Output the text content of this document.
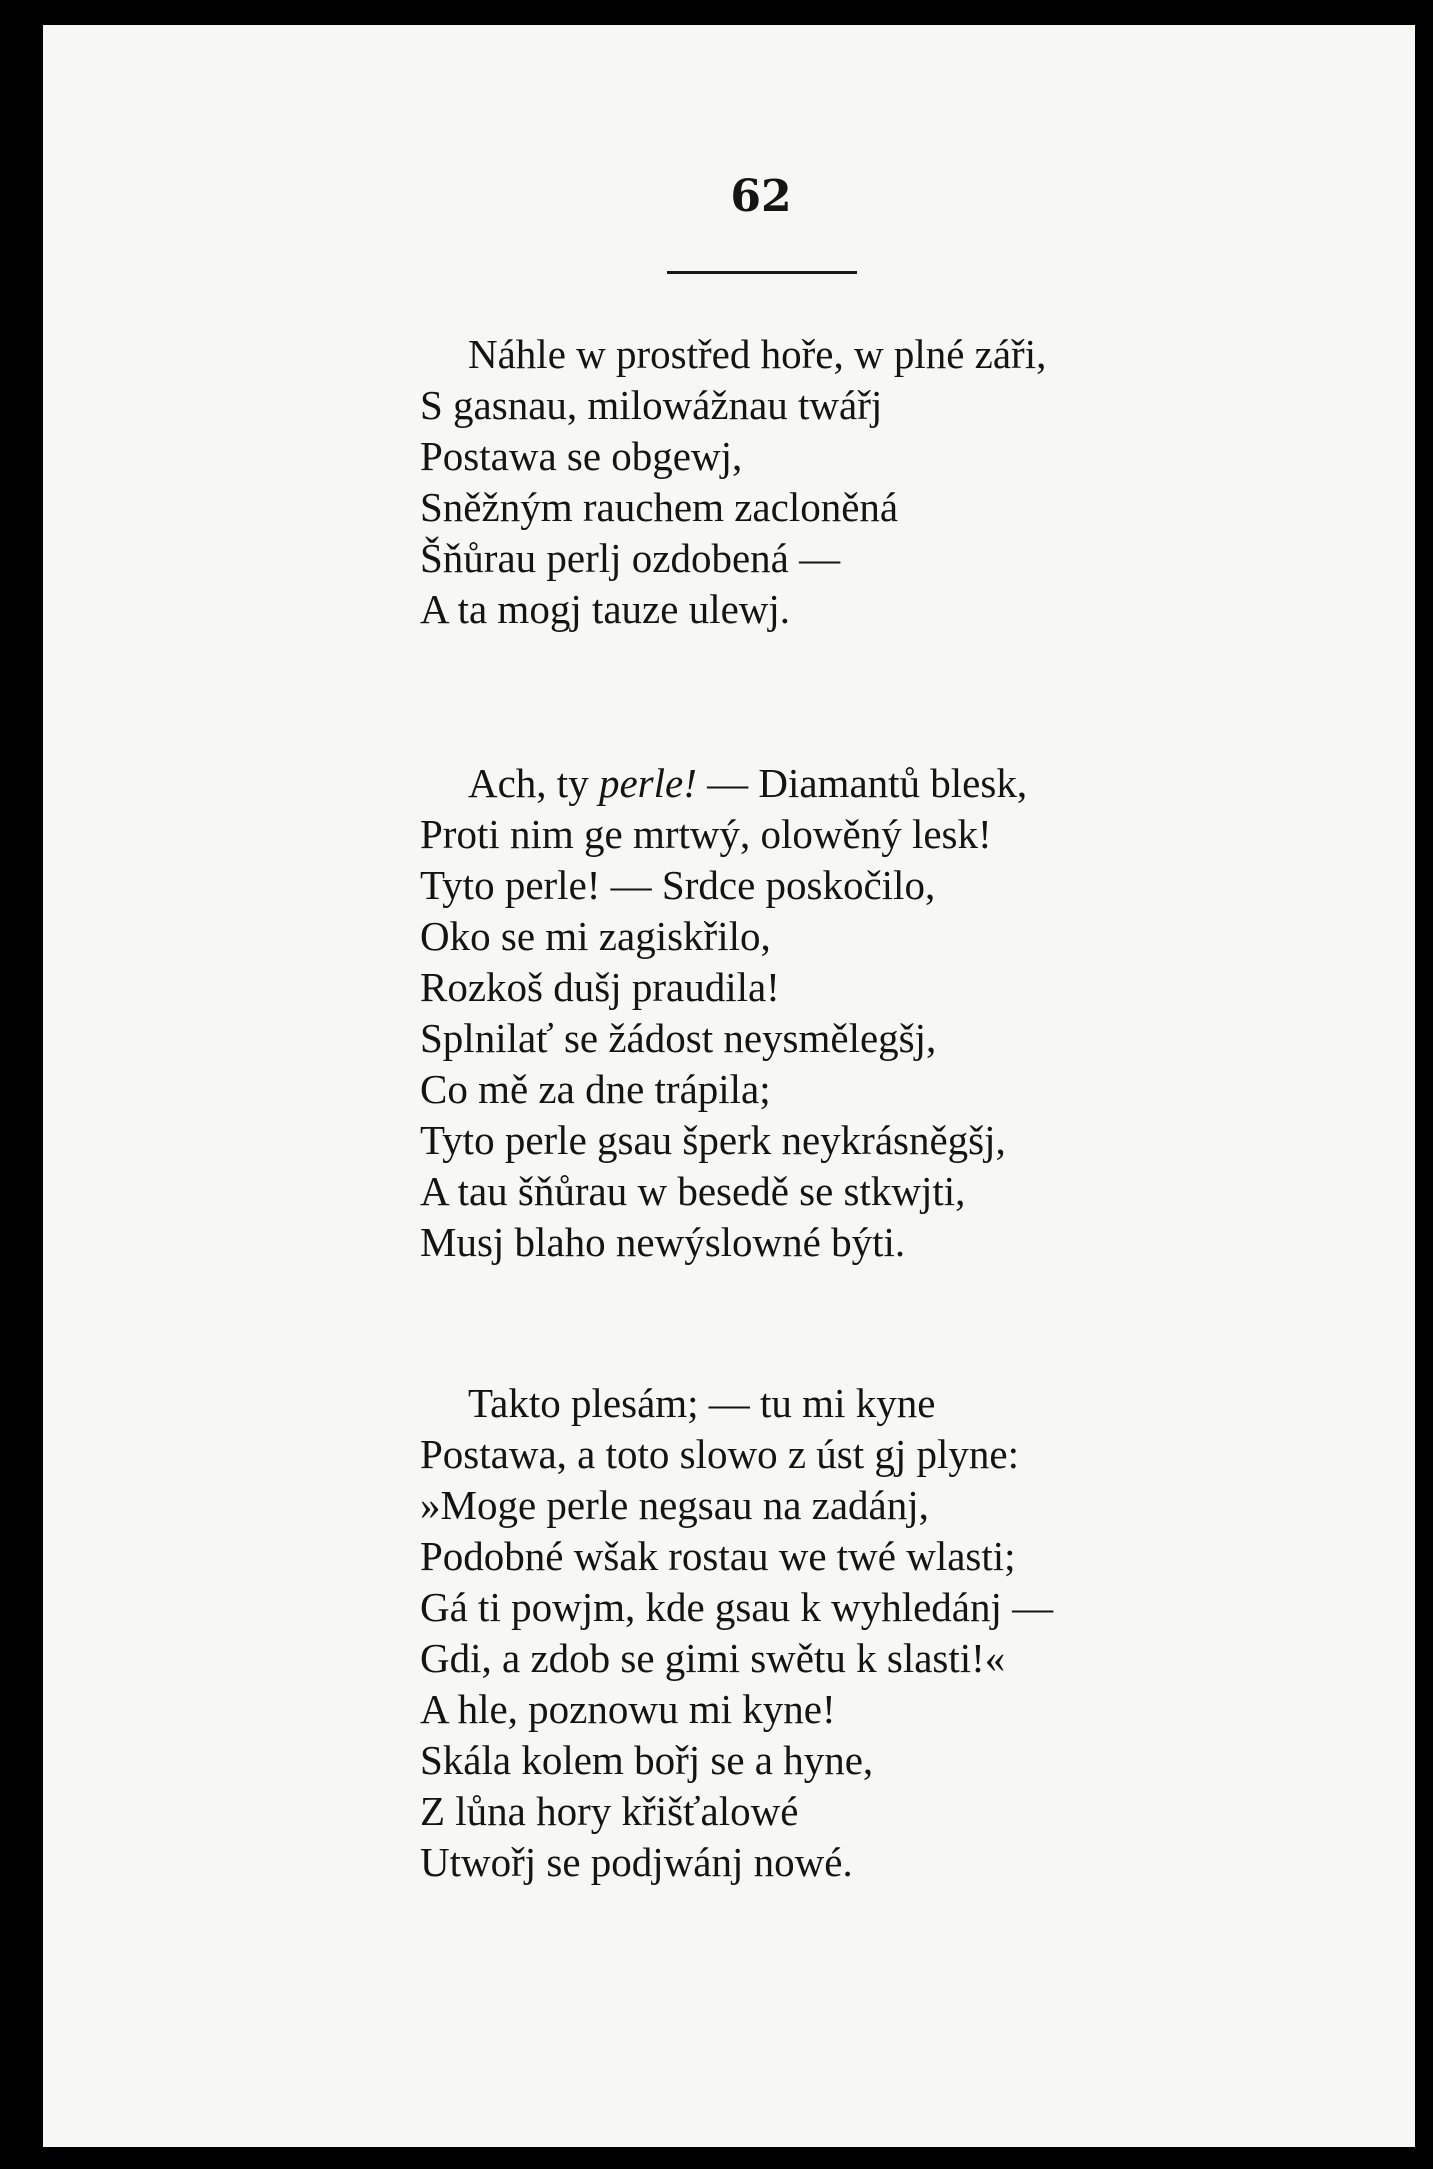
62
Náhle w prostřed hoře, w plné záři,
S gasnau, milowážnau twářj
Postawa se obgewj,
Sněžným rauchem zacloněná
Šňůrau perlj ozdobená —
A ta mogj tauze ulewj.
Ach, ty perle! — Diamantů blesk,
Proti nim ge mrtwý, olowěný lesk!
Tyto perle! — Srdce poskočilo,
Oko se mi zagiskřilo,
Rozkoš dušj praudila!
Splnilať se žádost neysmělegšj,
Co mě za dne trápila;
Tyto perle gsau šperk neykrásněgšj,
A tau šňůrau w besedě se stkwjti,
Musj blaho newýslowné býti.
Takto plesám; — tu mi kyne
Postawa, a toto slowo z úst gj plyne:
»Moge perle negsau na zadánj,
Podobné wšak rostau we twé wlasti;
Gá ti powjm, kde gsau k wyhledánj —
Gdi, a zdob se gimi swětu k slasti!«
A hle, poznowu mi kyne!
Skála kolem bořj se a hyne,
Z lůna hory křišťalowé
Utwořj se podjwánj nowé.
